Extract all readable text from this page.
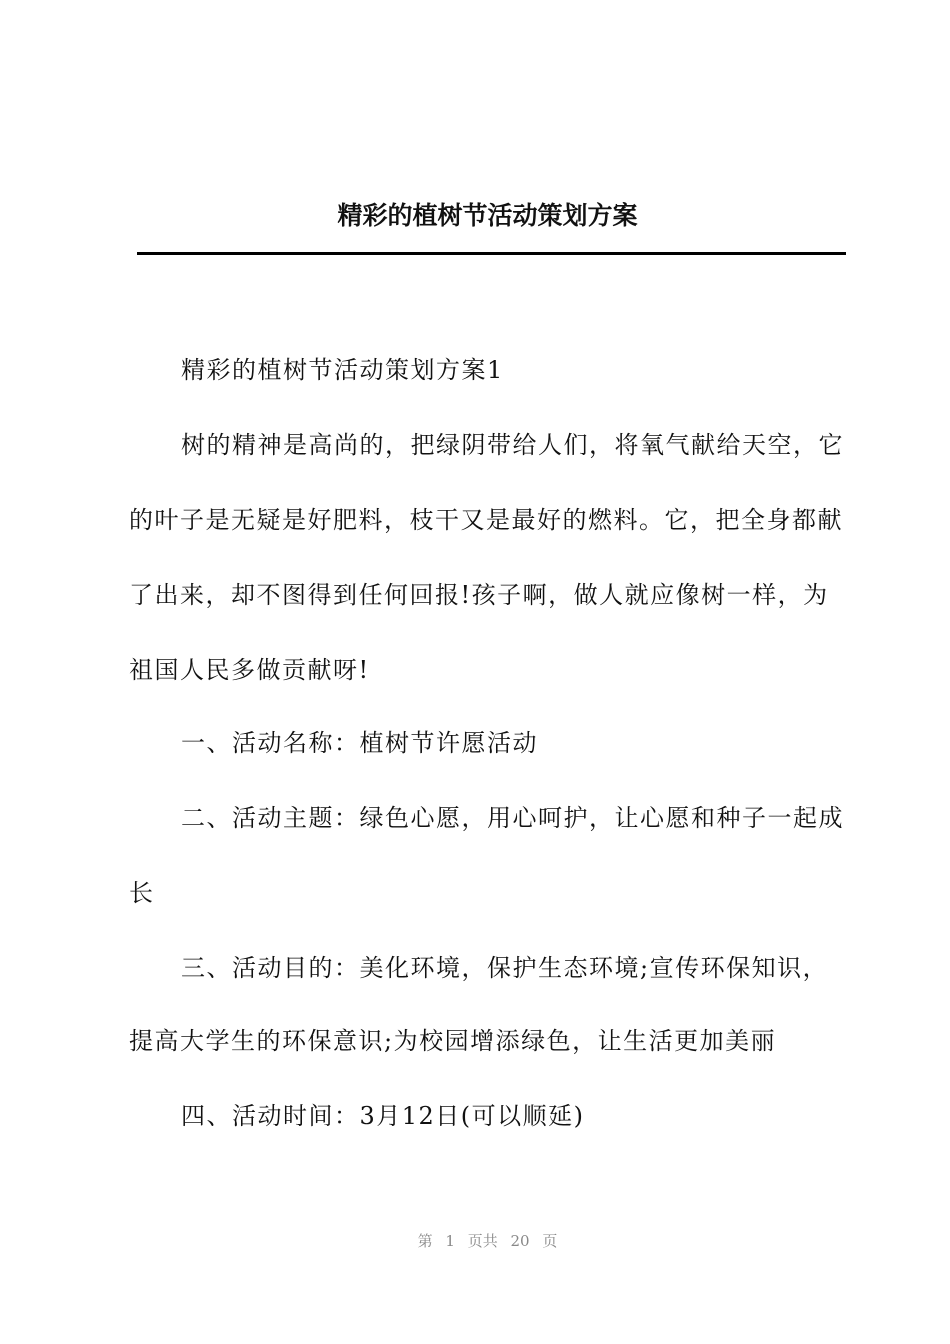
精彩的植树节活动策划方案

精彩的植树节活动策划方案1

树的精神是高尚的，把绿阴带给人们，将氧气献给天空，它

的叶子是无疑是好肥料，枝干又是最好的燃料。它，把全身都献

了出来，却不图得到任何回报!孩子啊，做人就应像树一样，为

祖国人民多做贡献呀!

一、活动名称：植树节许愿活动

二、活动主题：绿色心愿，用心呵护，让心愿和种子一起成

长

三、活动目的：美化环境，保护生态环境;宣传环保知识，

提高大学生的环保意识;为校园增添绿色，让生活更加美丽

四、活动时间：3月12日(可以顺延)

第 1 页共 20 页
